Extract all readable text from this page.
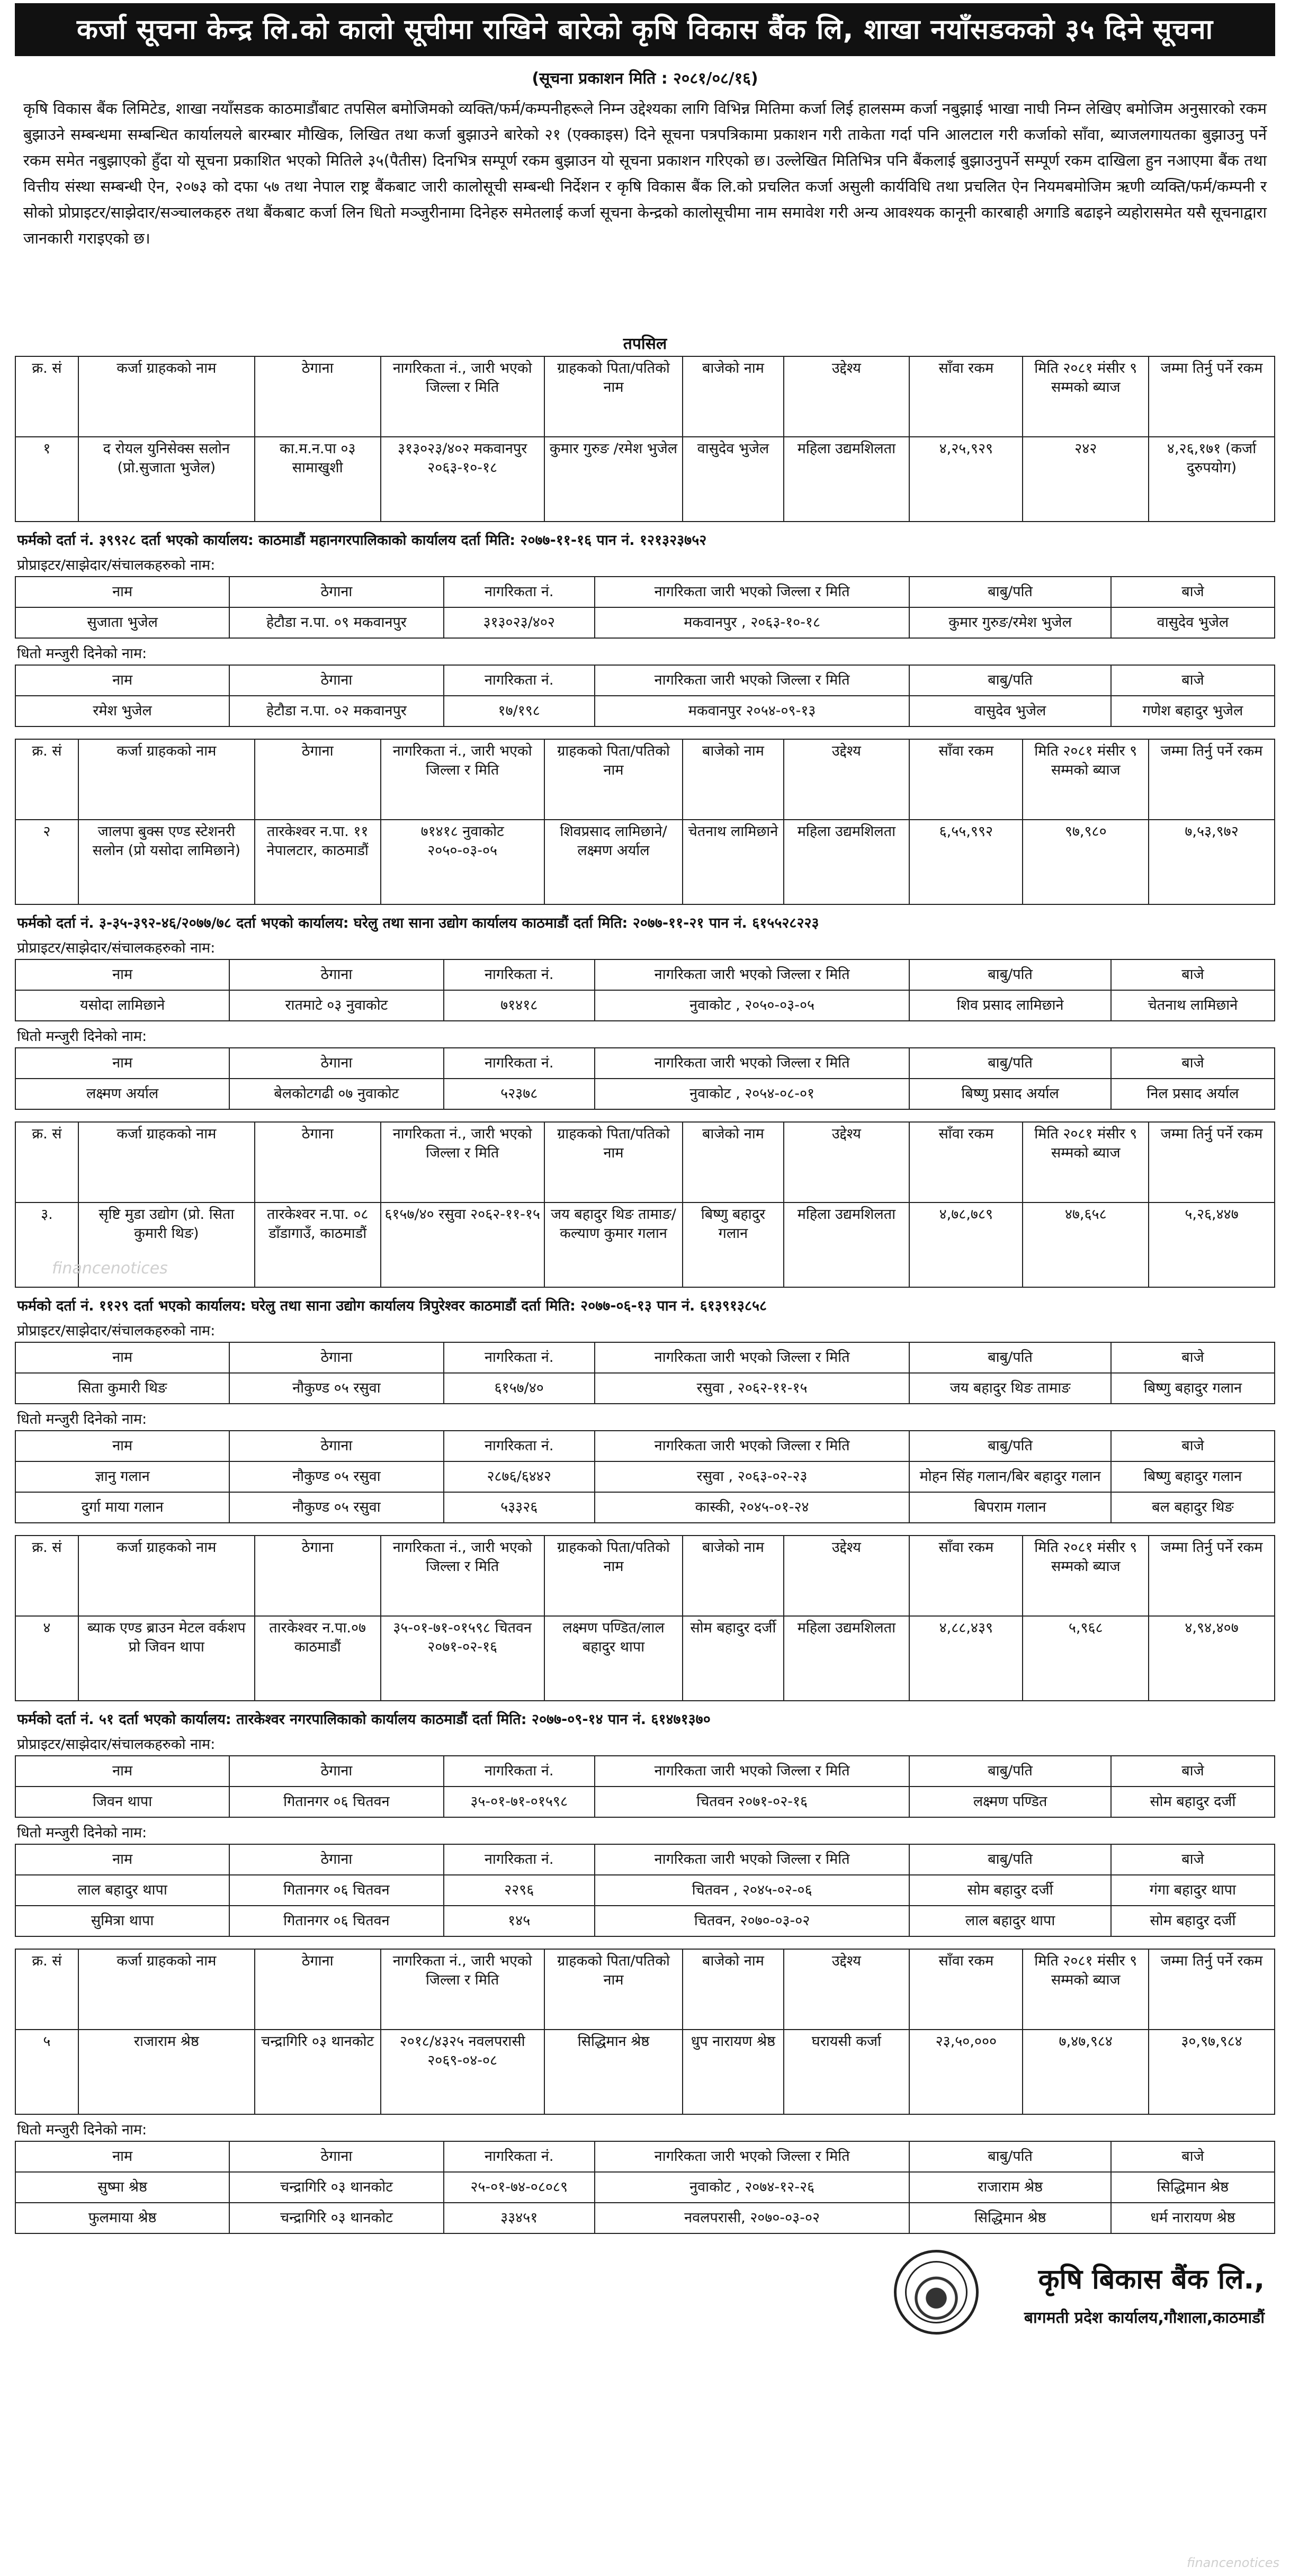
कर्जा सूचना केन्द्र लि.को कालो सूचीमा राखिने बारेको कृषि विकास बैंक लि, शाखा नयाँसडकको ३५ दिने सूचना
(सूचना प्रकाशन मिति : २०८१/०८/१६)
कृषि विकास बैंक लिमिटेड, शाखा नयाँसडक काठमाडौंबाट तपसिल बमोजिमको व्यक्ति/फर्म/कम्पनीहरूले निम्न उद्देश्यका लागि विभिन्न मितिमा कर्जा लिई हालसम्म कर्जा नबुझाई भाखा नाघी निम्न लेखिए बमोजिम अनुसारको रकम बुझाउने सम्बन्धमा सम्बन्धित कार्यालयले बारम्बार मौखिक, लिखित तथा कर्जा बुझाउने बारेको २१ (एक्काइस) दिने सूचना पत्रपत्रिकामा प्रकाशन गरी ताकेता गर्दा पनि आलटाल गरी कर्जाको साँवा, ब्याजलगायतका बुझाउनु पर्ने रकम समेत नबुझाएको हुँदा यो सूचना प्रकाशित भएको मितिले ३५(पैतीस) दिनभित्र सम्पूर्ण रकम बुझाउन यो सूचना प्रकाशन गरिएको छ। उल्लेखित मितिभित्र पनि बैंकलाई बुझाउनुपर्ने सम्पूर्ण रकम दाखिला हुन नआएमा बैंक तथा वित्तीय संस्था सम्बन्धी ऐन, २०७३ को दफा ५७ तथा नेपाल राष्ट्र बैंकबाट जारी कालोसूची सम्बन्धी निर्देशन र कृषि विकास बैंक लि.को प्रचलित कर्जा असुली कार्यविधि तथा प्रचलित ऐन नियमबमोजिम ऋणी व्यक्ति/फर्म/कम्पनी र सोको प्रोप्राइटर/साझेदार/सञ्चालकहरु तथा बैंकबाट कर्जा लिन धितो मञ्जुरीनामा दिनेहरु समेतलाई कर्जा सूचना केन्द्रको कालोसूचीमा नाम समावेश गरी अन्य आवश्यक कानूनी कारबाही अगाडि बढाइने व्यहोरासमेत यसै सूचनाद्वारा जानकारी गराइएको छ।
तपसिल
क्र. सं	कर्जा ग्राहकको नाम	ठेगाना	नागरिकता नं., जारी भएको जिल्ला र मिति	ग्राहकको पिता/पतिको नाम	बाजेको नाम	उद्देश्य	साँवा रकम	मिति २०८१ मंसीर ९ सम्मको ब्याज	जम्मा तिर्नु पर्ने रकम
१	द रोयल युनिसेक्स सलोन (प्रो.सुजाता भुजेल)	का.म.न.पा ०३ सामाखुशी	३१३०२३/४०२ मकवानपुर २०६३-१०-१८	कुमार गुरुङ /रमेश भुजेल	वासुदेव भुजेल	महिला उद्यमशिलता	४,२५,९२९	२४२	४,२६,१७१ (कर्जा दुरुपयोग)
फर्मको दर्ता नं. ३९९२८ दर्ता भएको कार्यालय: काठमाडौं महानगरपालिकाको कार्यालय दर्ता मिति: २०७७-११-१६ पान नं. १२१३२३७५२
प्रोप्राइटर/साझेदार/संचालकहरुको नाम:
नाम	ठेगाना	नागरिकता नं.	नागरिकता जारी भएको जिल्ला र मिति	बाबु/पति	बाजे
सुजाता भुजेल	हेटौडा न.पा. ०९ मकवानपुर	३१३०२३/४०२	मकवानपुर , २०६३-१०-१८	कुमार गुरुङ/रमेश भुजेल	वासुदेव भुजेल
धितो मन्जुरी दिनेको नाम:
नाम	ठेगाना	नागरिकता नं.	नागरिकता जारी भएको जिल्ला र मिति	बाबु/पति	बाजे
रमेश भुजेल	हेटौडा न.पा. ०२ मकवानपुर	१७/१९८	मकवानपुर २०५४-०९-१३	वासुदेव भुजेल	गणेश बहादुर भुजेल
क्र. सं	कर्जा ग्राहकको नाम	ठेगाना	नागरिकता नं., जारी भएको जिल्ला र मिति	ग्राहकको पिता/पतिको नाम	बाजेको नाम	उद्देश्य	साँवा रकम	मिति २०८१ मंसीर ९ सम्मको ब्याज	जम्मा तिर्नु पर्ने रकम
२	जालपा बुक्स एण्ड स्टेशनरी सलोन (प्रो यसोदा लामिछाने)	तारकेश्वर न.पा. ११ नेपालटार, काठमाडौं	७१४१८ नुवाकोट २०५०-०३-०५	शिवप्रसाद लामिछाने/ लक्ष्मण अर्याल	चेतनाथ लामिछाने	महिला उद्यमशिलता	६,५५,९९२	९७,९८०	७,५३,९७२
फर्मको दर्ता नं. ३-३५-३९२-४६/२०७७/७८ दर्ता भएको कार्यालय: घरेलु तथा साना उद्योग कार्यालय काठमाडौं दर्ता मिति: २०७७-११-२१ पान नं. ६१५५२८२२३
प्रोप्राइटर/साझेदार/संचालकहरुको नाम:
नाम	ठेगाना	नागरिकता नं.	नागरिकता जारी भएको जिल्ला र मिति	बाबु/पति	बाजे
यसोदा लामिछाने	रातमाटे ०३ नुवाकोट	७१४१८	नुवाकोट , २०५०-०३-०५	शिव प्रसाद लामिछाने	चेतनाथ लामिछाने
धितो मन्जुरी दिनेको नाम:
नाम	ठेगाना	नागरिकता नं.	नागरिकता जारी भएको जिल्ला र मिति	बाबु/पति	बाजे
लक्ष्मण अर्याल	बेलकोटगढी ०७ नुवाकोट	५२३७८	नुवाकोट , २०५४-०८-०१	बिष्णु प्रसाद अर्याल	निल प्रसाद अर्याल
क्र. सं	कर्जा ग्राहकको नाम	ठेगाना	नागरिकता नं., जारी भएको जिल्ला र मिति	ग्राहकको पिता/पतिको नाम	बाजेको नाम	उद्देश्य	साँवा रकम	मिति २०८१ मंसीर ९ सम्मको ब्याज	जम्मा तिर्नु पर्ने रकम
३.	सृष्टि मुडा उद्योग (प्रो. सिता कुमारी थिङ)	तारकेश्वर न.पा. ०८ डाँडागाउँ, काठमाडौं	६१५७/४० रसुवा २०६२-११-१५	जय बहादुर थिङ तामाङ/कल्याण कुमार गलान	बिष्णु बहादुर गलान	महिला उद्यमशिलता	४,७८,७८९	४७,६५८	५,२६,४४७
फर्मको दर्ता नं. ११२९ दर्ता भएको कार्यालय: घरेलु तथा साना उद्योग कार्यालय त्रिपुरेश्वर काठमाडौं दर्ता मिति: २०७७-०६-१३ पान नं. ६१३९१३८५८
प्रोप्राइटर/साझेदार/संचालकहरुको नाम:
नाम	ठेगाना	नागरिकता नं.	नागरिकता जारी भएको जिल्ला र मिति	बाबु/पति	बाजे
सिता कुमारी थिङ	नौकुण्ड ०५ रसुवा	६१५७/४०	रसुवा , २०६२-११-१५	जय बहादुर थिङ तामाङ	बिष्णु बहादुर गलान
धितो मन्जुरी दिनेको नाम:
नाम	ठेगाना	नागरिकता नं.	नागरिकता जारी भएको जिल्ला र मिति	बाबु/पति	बाजे
ज्ञानु गलान	नौकुण्ड ०५ रसुवा	२८७६/६४४२	रसुवा , २०६३-०२-२३	मोहन सिंह गलान/बिर बहादुर गलान	बिष्णु बहादुर गलान
दुर्गा माया गलान	नौकुण्ड ०५ रसुवा	५३३२६	कास्की, २०४५-०१-२४	बिपराम गलान	बल बहादुर थिङ
क्र. सं	कर्जा ग्राहकको नाम	ठेगाना	नागरिकता नं., जारी भएको जिल्ला र मिति	ग्राहकको पिता/पतिको नाम	बाजेको नाम	उद्देश्य	साँवा रकम	मिति २०८१ मंसीर ९ सम्मको ब्याज	जम्मा तिर्नु पर्ने रकम
४	ब्याक एण्ड ब्राउन मेटल वर्कशप प्रो जिवन थापा	तारकेश्वर न.पा.०७ काठमाडौं	३५-०१-७१-०१५९८ चितवन २०७१-०२-१६	लक्ष्मण पण्डित/लाल बहादुर थापा	सोम बहादुर दर्जी	महिला उद्यमशिलता	४,८८,४३९	५,९६८	४,९४,४०७
फर्मको दर्ता नं. ५१ दर्ता भएको कार्यालय: तारकेश्वर नगरपालिकाको कार्यालय काठमाडौं दर्ता मिति: २०७७-०९-१४ पान नं. ६१४७१३७०
प्रोप्राइटर/साझेदार/संचालकहरुको नाम:
नाम	ठेगाना	नागरिकता नं.	नागरिकता जारी भएको जिल्ला र मिति	बाबु/पति	बाजे
जिवन थापा	गितानगर ०६ चितवन	३५-०१-७१-०१५९८	चितवन २०७१-०२-१६	लक्ष्मण पण्डित	सोम बहादुर दर्जी
धितो मन्जुरी दिनेको नाम:
नाम	ठेगाना	नागरिकता नं.	नागरिकता जारी भएको जिल्ला र मिति	बाबु/पति	बाजे
लाल बहादुर थापा	गितानगर ०६ चितवन	२२९६	चितवन , २०४५-०२-०६	सोम बहादुर दर्जी	गंगा बहादुर थापा
सुमित्रा थापा	गितानगर ०६ चितवन	१४५	चितवन, २०७०-०३-०२	लाल बहादुर थापा	सोम बहादुर दर्जी
क्र. सं	कर्जा ग्राहकको नाम	ठेगाना	नागरिकता नं., जारी भएको जिल्ला र मिति	ग्राहकको पिता/पतिको नाम	बाजेको नाम	उद्देश्य	साँवा रकम	मिति २०८१ मंसीर ९ सम्मको ब्याज	जम्मा तिर्नु पर्ने रकम
५	राजाराम श्रेष्ठ	चन्द्रागिरि ०३ थानकोट	२०१८/४३२५ नवलपरासी २०६९-०४-०८	सिद्धिमान श्रेष्ठ	धुप नारायण श्रेष्ठ	घरायसी कर्जा	२३,५०,०००	७,४७,९८४	३०,९७,९८४
धितो मन्जुरी दिनेको नाम:
नाम	ठेगाना	नागरिकता नं.	नागरिकता जारी भएको जिल्ला र मिति	बाबु/पति	बाजे
सुष्मा श्रेष्ठ	चन्द्रागिरि ०३ थानकोट	२५-०१-७४-०८०८९	नुवाकोट , २०७४-१२-२६	राजाराम श्रेष्ठ	सिद्धिमान श्रेष्ठ
फुलमाया श्रेष्ठ	चन्द्रागिरि ०३ थानकोट	३३४५१	नवलपरासी, २०७०-०३-०२	सिद्धिमान श्रेष्ठ	धर्म नारायण श्रेष्ठ
कृषि बिकास बैंक लि.,
बागमती प्रदेश कार्यालय,गौशाला,काठमाडौं
financenotices
financenotices
